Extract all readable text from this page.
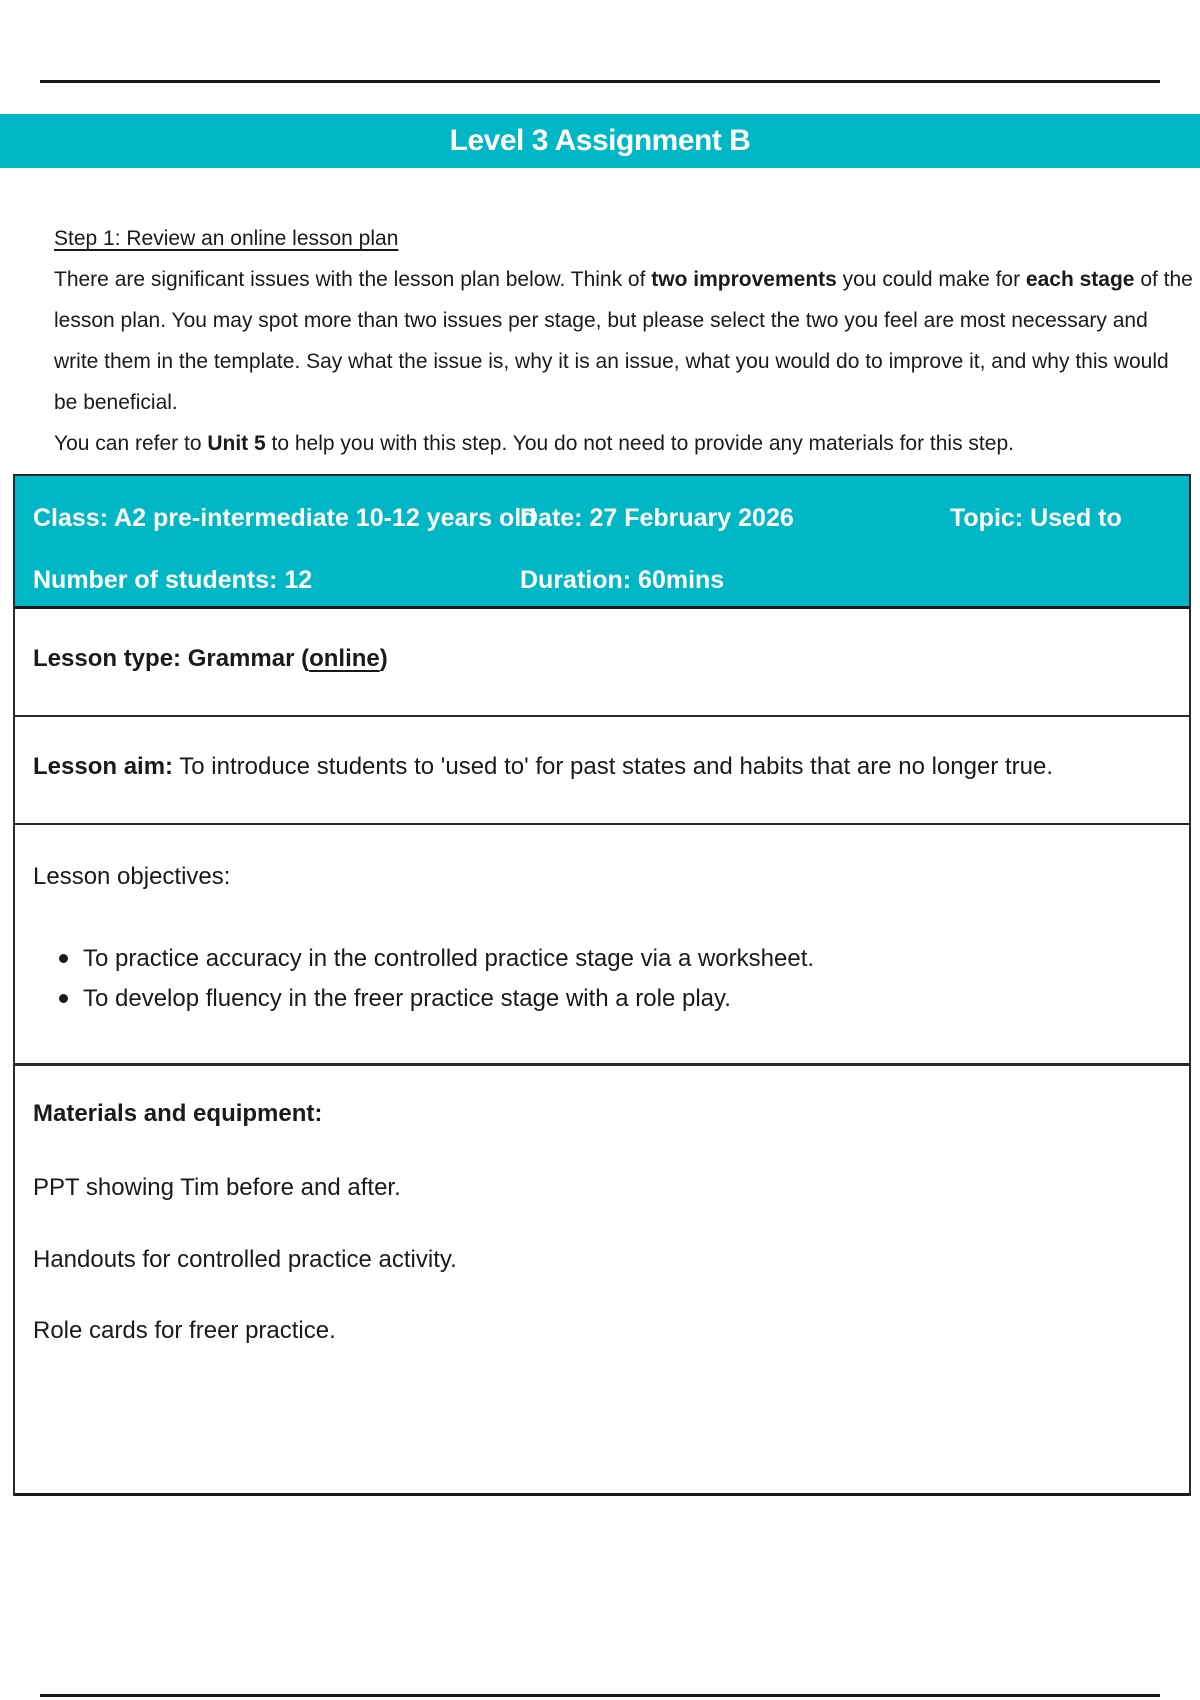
Level 3 Assignment B

Step 1: Review an online lesson plan

There are significant issues with the lesson plan below. Think of two improvements you could make for each stage of the lesson plan. You may spot more than two issues per stage, but please select the two you feel are most necessary and write them in the template. Say what the issue is, why it is an issue, what you would do to improve it, and why this would be beneficial.

You can refer to Unit 5 to help you with this step. You do not need to provide any materials for this step.

Class: A2 pre-intermediate 10-12 years old
Date: 27 February 2026	Topic: Used to
Number of students: 12	Duration: 60mins
Lesson type: Grammar (online)
Lesson aim: To introduce students to 'used to' for past states and habits that are no longer true.
Lesson objectives:
To practice accuracy in the controlled practice stage via a worksheet.
To develop fluency in the freer practice stage with a role play.
Materials and equipment:
PPT showing Tim before and after.
Handouts for controlled practice activity.
Role cards for freer practice.
